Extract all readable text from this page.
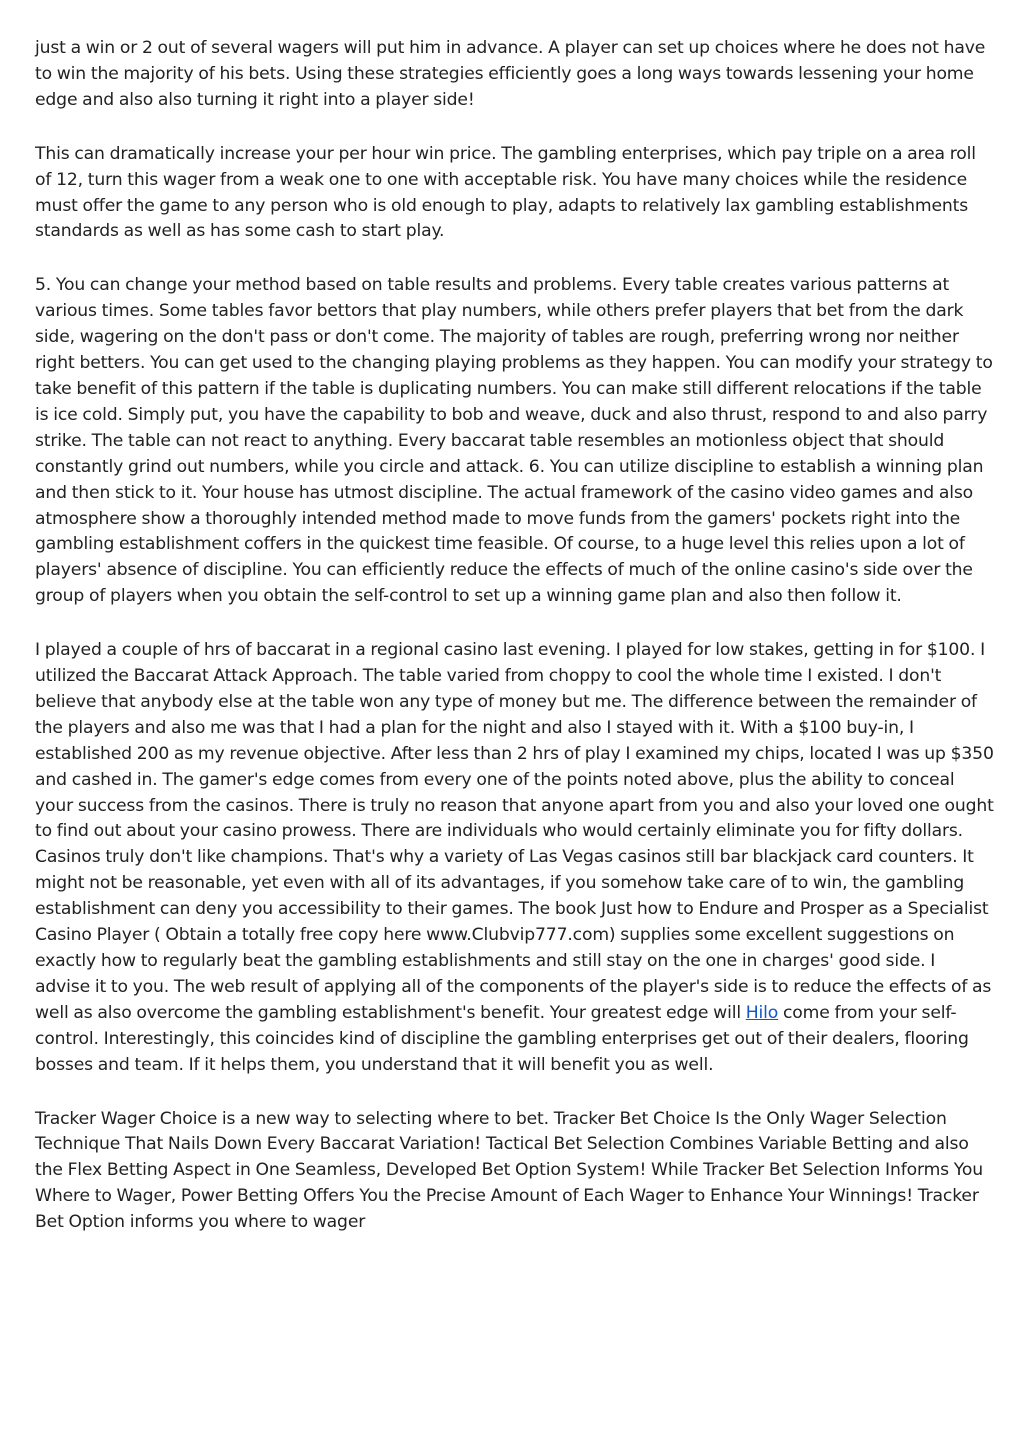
just a win or 2 out of several wagers will put him in advance. A player can set up choices where he does not have to win the majority of his bets. Using these strategies efficiently goes a long ways towards lessening your home edge and also also turning it right into a player side!

This can dramatically increase your per hour win price. The gambling enterprises, which pay triple on a area roll of 12, turn this wager from a weak one to one with acceptable risk. You have many choices while the residence must offer the game to any person who is old enough to play, adapts to relatively lax gambling establishments standards as well as has some cash to start play.

5. You can change your method based on table results and problems. Every table creates various patterns at various times. Some tables favor bettors that play numbers, while others prefer players that bet from the dark side, wagering on the don't pass or don't come. The majority of tables are rough, preferring wrong nor neither right betters. You can get used to the changing playing problems as they happen. You can modify your strategy to take benefit of this pattern if the table is duplicating numbers. You can make still different relocations if the table is ice cold. Simply put, you have the capability to bob and weave, duck and also thrust, respond to and also parry strike. The table can not react to anything. Every baccarat table resembles an motionless object that should constantly grind out numbers, while you circle and attack. 6. You can utilize discipline to establish a winning plan and then stick to it. Your house has utmost discipline. The actual framework of the casino video games and also atmosphere show a thoroughly intended method made to move funds from the gamers' pockets right into the gambling establishment coffers in the quickest time feasible. Of course, to a huge level this relies upon a lot of players' absence of discipline. You can efficiently reduce the effects of much of the online casino's side over the group of players when you obtain the self-control to set up a winning game plan and also then follow it.

I played a couple of hrs of baccarat in a regional casino last evening. I played for low stakes, getting in for $100. I utilized the Baccarat Attack Approach. The table varied from choppy to cool the whole time I existed. I don't believe that anybody else at the table won any type of money but me. The difference between the remainder of the players and also me was that I had a plan for the night and also I stayed with it. With a $100 buy-in, I established 200 as my revenue objective. After less than 2 hrs of play I examined my chips, located I was up $350 and cashed in. The gamer's edge comes from every one of the points noted above, plus the ability to conceal your success from the casinos. There is truly no reason that anyone apart from you and also your loved one ought to find out about your casino prowess. There are individuals who would certainly eliminate you for fifty dollars. Casinos truly don't like champions. That's why a variety of Las Vegas casinos still bar blackjack card counters. It might not be reasonable, yet even with all of its advantages, if you somehow take care of to win, the gambling establishment can deny you accessibility to their games. The book Just how to Endure and Prosper as a Specialist Casino Player ( Obtain a totally free copy here www.Clubvip777.com) supplies some excellent suggestions on exactly how to regularly beat the gambling establishments and still stay on the one in charges' good side. I advise it to you. The web result of applying all of the components of the player's side is to reduce the effects of as well as also overcome the gambling establishment's benefit. Your greatest edge will Hilo come from your self-control. Interestingly, this coincides kind of discipline the gambling enterprises get out of their dealers, flooring bosses and team. If it helps them, you understand that it will benefit you as well.

Tracker Wager Choice is a new way to selecting where to bet. Tracker Bet Choice Is the Only Wager Selection Technique That Nails Down Every Baccarat Variation! Tactical Bet Selection Combines Variable Betting and also the Flex Betting Aspect in One Seamless, Developed Bet Option System! While Tracker Bet Selection Informs You Where to Wager, Power Betting Offers You the Precise Amount of Each Wager to Enhance Your Winnings! Tracker Bet Option informs you where to wager
